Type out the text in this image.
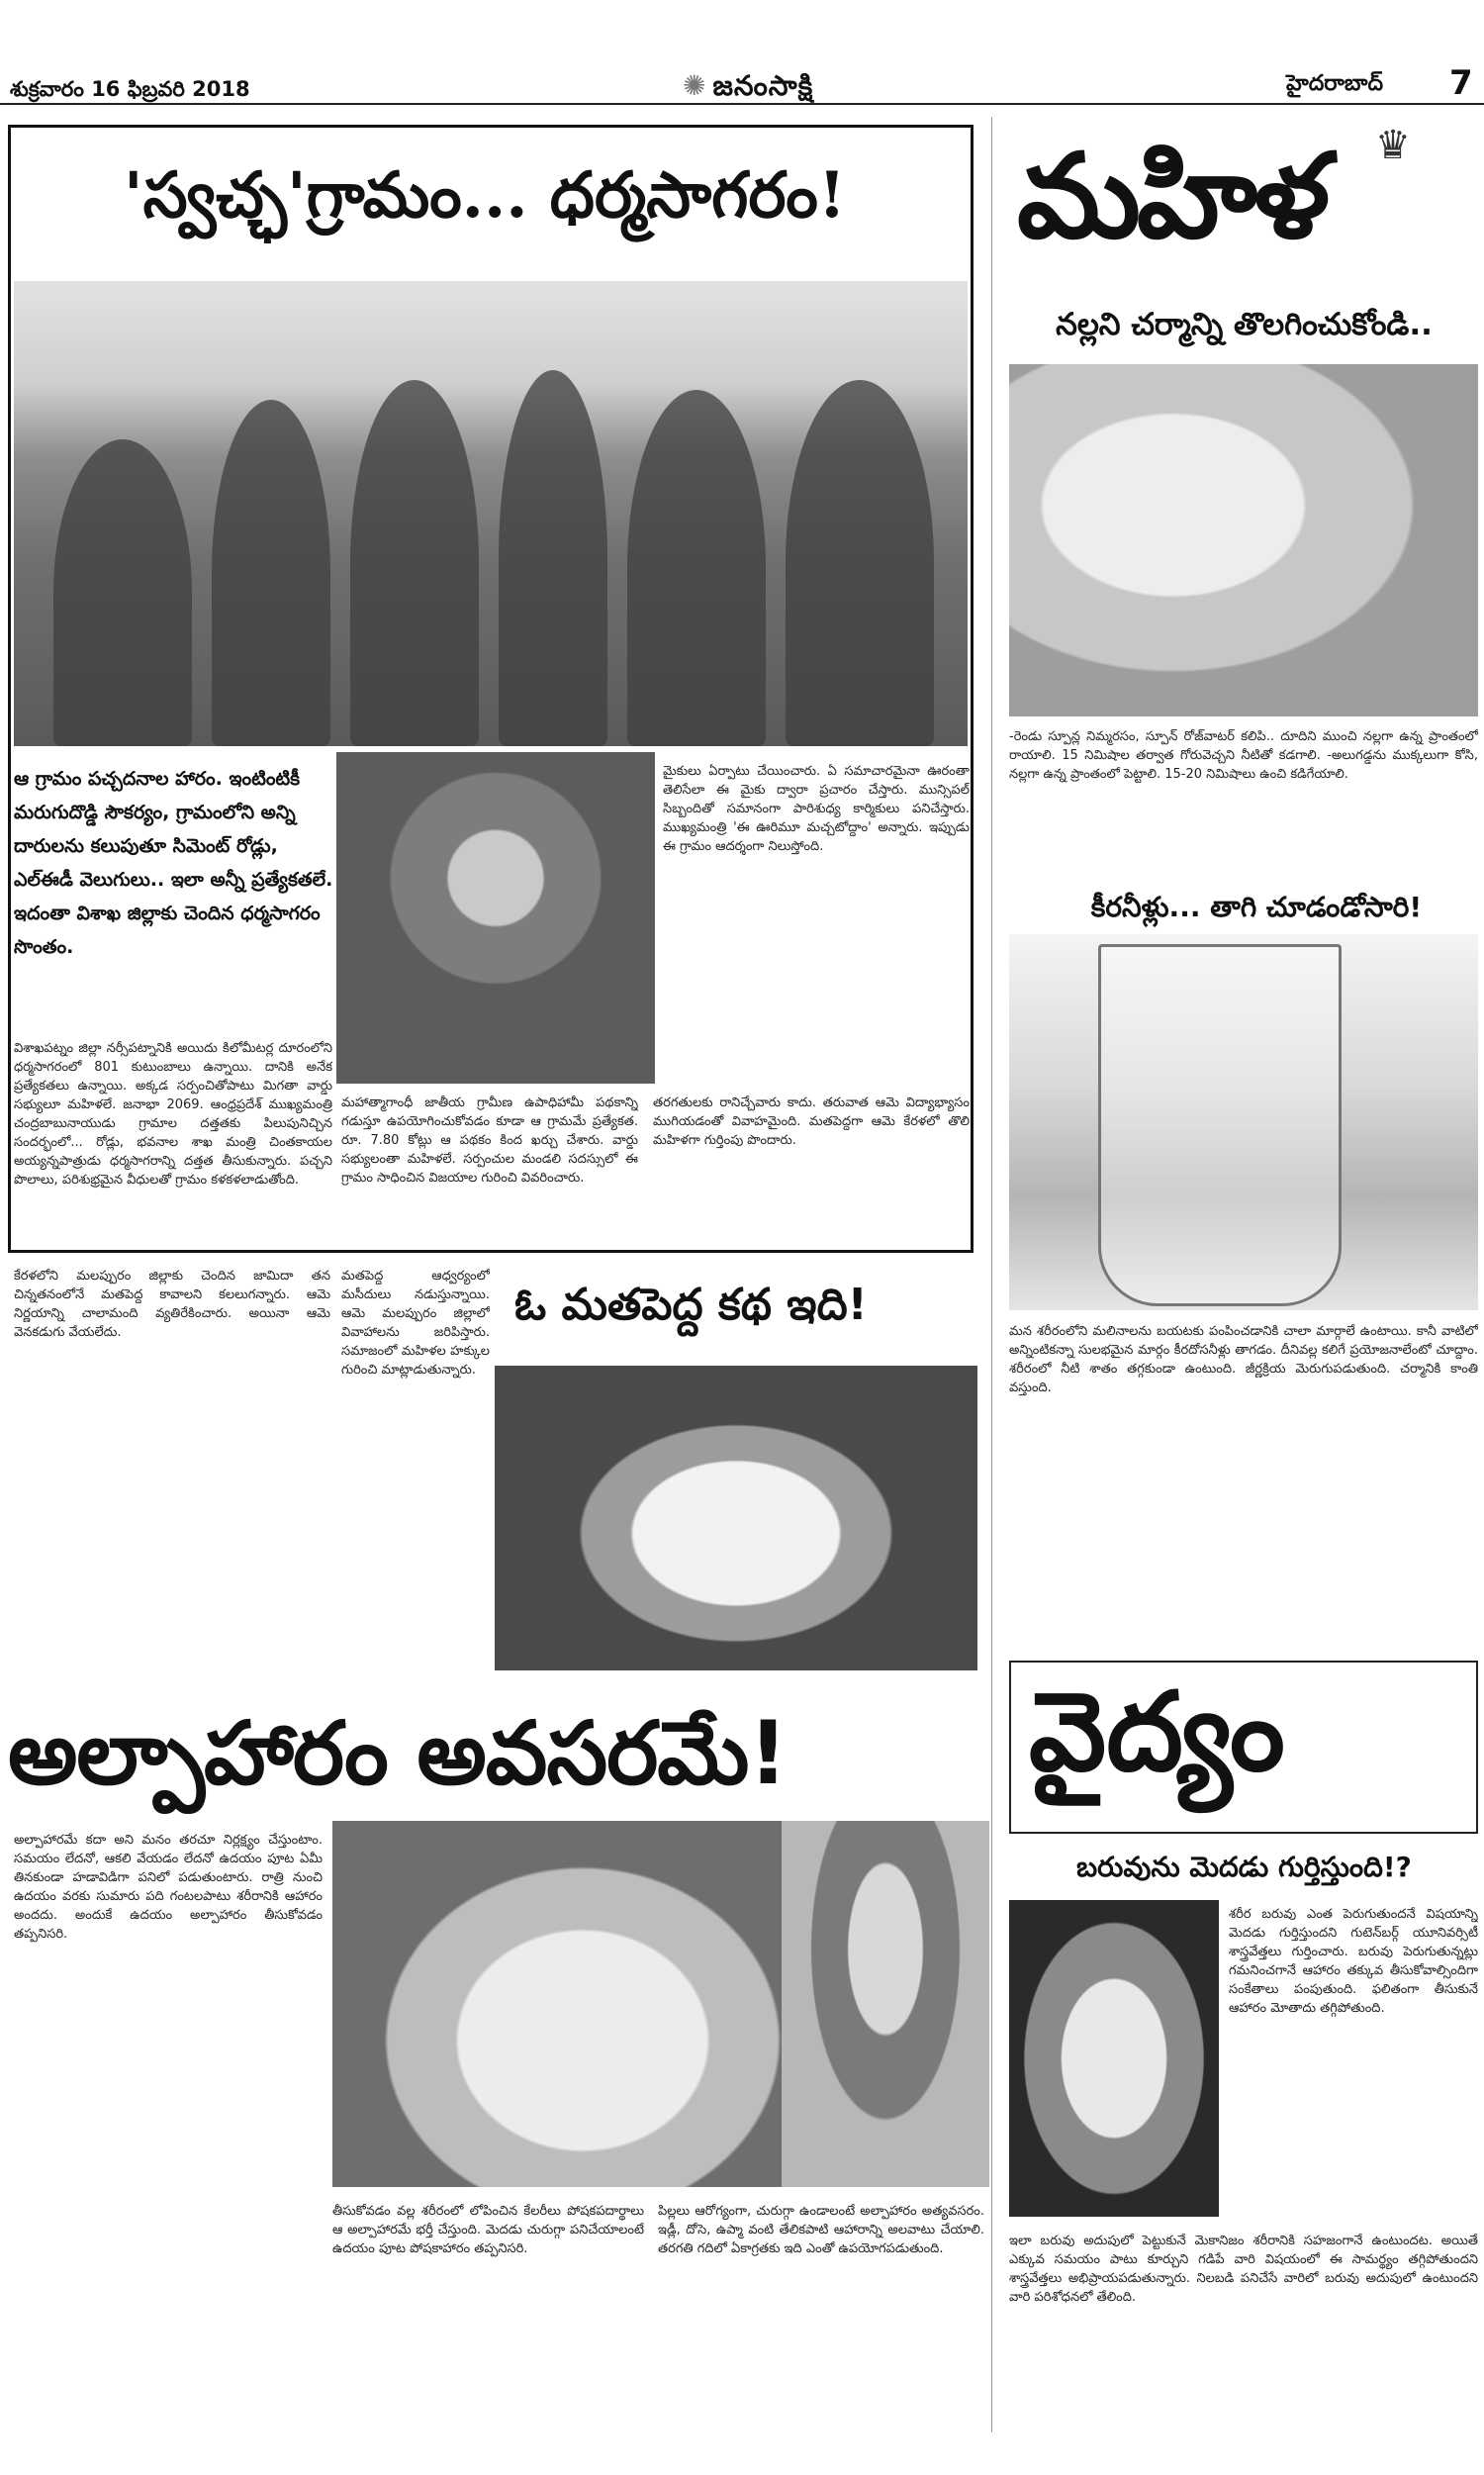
శుక్రవారం 16 ఫిబ్రవరి 2018	✺ జనంసాక్షి	హైదరాబాద్ 7
'స్వచ్ఛ'గ్రామం... ధర్మసాగరం!
ఆ గ్రామం పచ్చదనాల హారం. ఇంటింటికీ మరుగుదొడ్డి సౌకర్యం, గ్రామంలోని అన్ని దారులను కలుపుతూ సిమెంట్ రోడ్లు, ఎల్ఈడీ వెలుగులు.. ఇలా అన్నీ ప్రత్యేకతలే. ఇదంతా విశాఖ జిల్లాకు చెందిన ధర్మసాగరం సొంతం.
విశాఖపట్నం జిల్లా నర్సీపట్నానికి అయిదు కిలోమీటర్ల దూరంలోని ధర్మసాగరంలో 801 కుటుంబాలు ఉన్నాయి. దానికి అనేక ప్రత్యేకతలు ఉన్నాయి. అక్కడ సర్పంచితోపాటు మిగతా వార్డు సభ్యులూ మహిళలే. జనాభా 2069. ఆంధ్రప్రదేశ్ ముఖ్యమంత్రి చంద్రబాబునాయుడు గ్రామాల దత్తతకు పిలుపునిచ్చిన సందర్భంలో... రోడ్లు, భవనాల శాఖ మంత్రి చింతకాయల అయ్యన్నపాత్రుడు ధర్మసాగరాన్ని దత్తత తీసుకున్నారు. పచ్చని పొలాలు, పరిశుభ్రమైన వీధులతో గ్రామం కళకళలాడుతోంది.
మైకులు ఏర్పాటు చేయించారు. ఏ సమాచారమైనా ఊరంతా తెలిసేలా ఈ మైకు ద్వారా ప్రచారం చేస్తారు. మున్సిపల్ సిబ్బందితో సమానంగా పారిశుధ్య కార్మికులు పనిచేస్తారు. ముఖ్యమంత్రి 'ఈ ఊరిమూ మచ్చటోద్దాం' అన్నారు. ఇప్పుడు ఈ గ్రామం ఆదర్శంగా నిలుస్తోంది.
మహాత్మాగాంధీ జాతీయ గ్రామీణ ఉపాధిహామీ పథకాన్ని గడుస్తూ ఉపయోగించుకోవడం కూడా ఆ గ్రామమే ప్రత్యేకత. రూ. 7.80 కోట్లు ఆ పథకం కింద ఖర్చు చేశారు. వార్డు సభ్యులంతా మహిళలే. సర్పంచుల మండలి సదస్సులో ఈ గ్రామం సాధించిన విజయాల గురించి వివరించారు.
తరగతులకు రానిచ్చేవారు కాదు. తరువాత ఆమె విద్యాభ్యాసం ముగియడంతో వివాహమైంది. మతపెద్దగా ఆమె కేరళలో తొలి మహిళగా గుర్తింపు పొందారు.
మతపెద్ద ఆధ్వర్యంలో మసీదులు నడుస్తున్నాయి. ఆమె మలప్పురం జిల్లాలో వివాహాలను జరిపిస్తారు. సమాజంలో మహిళల హక్కుల గురించి మాట్లాడుతున్నారు.
ఓ మతపెద్ద కథ ఇది!
కేరళలోని మలప్పురం జిల్లాకు చెందిన జామిదా తన చిన్నతనంలోనే మతపెద్ద కావాలని కలలుగన్నారు. ఆమె నిర్ణయాన్ని చాలామంది వ్యతిరేకించారు. అయినా ఆమె వెనకడుగు వేయలేదు.
అల్పాహారం అవసరమే!
అల్పాహారమే కదా అని మనం తరచూ నిర్లక్ష్యం చేస్తుంటాం. సమయం లేదనో, ఆకలి వేయడం లేదనో ఉదయం పూట ఏమీ తినకుండా హడావిడిగా పనిలో పడుతుంటారు. రాత్రి నుంచి ఉదయం వరకు సుమారు పది గంటలపాటు శరీరానికి ఆహారం అందదు. అందుకే ఉదయం అల్పాహారం తీసుకోవడం తప్పనిసరి.
తీసుకోవడం వల్ల శరీరంలో లోపించిన కేలరీలు పోషకపదార్థాలు ఆ అల్పాహారమే భర్తీ చేస్తుంది. మెదడు చురుగ్గా పనిచేయాలంటే ఉదయం పూట పోషకాహారం తప్పనిసరి.
పిల్లలు ఆరోగ్యంగా, చురుగ్గా ఉండాలంటే అల్పాహారం అత్యవసరం. ఇడ్లీ, దోసె, ఉప్మా వంటి తేలికపాటి ఆహారాన్ని అలవాటు చేయాలి. తరగతి గదిలో ఏకాగ్రతకు ఇది ఎంతో ఉపయోగపడుతుంది.
మహిళ ♛
నల్లని చర్మాన్ని తొలగించుకోండి..
-రెండు స్పూన్ల నిమ్మరసం, స్పూన్ రోజ్‌వాటర్ కలిపి.. దూదిని ముంచి నల్లగా ఉన్న ప్రాంతంలో రాయాలి. 15 నిమిషాల తర్వాత గోరువెచ్చని నీటితో కడగాలి. -అలుగడ్డను ముక్కలుగా కోసి, నల్లగా ఉన్న ప్రాంతంలో పెట్టాలి. 15-20 నిమిషాలు ఉంచి కడిగేయాలి.
కీరనీళ్లు... తాగి చూడండోసారి!
మన శరీరంలోని మలినాలను బయటకు పంపించడానికి చాలా మార్గాలే ఉంటాయి. కానీ వాటిలో అన్నింటికన్నా సులభమైన మార్గం కీరదోసనీళ్లు తాగడం. దీనివల్ల కలిగే ప్రయోజనాలేంటో చూద్దాం. శరీరంలో నీటి శాతం తగ్గకుండా ఉంటుంది. జీర్ణక్రియ మెరుగుపడుతుంది. చర్మానికి కాంతి వస్తుంది.
వైద్యం
బరువును మెదడు గుర్తిస్తుంది!?
శరీర బరువు ఎంత పెరుగుతుందనే విషయాన్ని మెదడు గుర్తిస్తుందని గుటెన్‌బర్గ్ యూనివర్సిటీ శాస్త్రవేత్తలు గుర్తించారు. బరువు పెరుగుతున్నట్లు గమనించగానే ఆహారం తక్కువ తీసుకోవాల్సిందిగా సంకేతాలు పంపుతుంది. ఫలితంగా తీసుకునే ఆహారం మోతాదు తగ్గిపోతుంది.
ఇలా బరువు అదుపులో పెట్టుకునే మెకానిజం శరీరానికి సహజంగానే ఉంటుందట. అయితే ఎక్కువ సమయం పాటు కూర్చుని గడిపే వారి విషయంలో ఈ సామర్థ్యం తగ్గిపోతుందని శాస్త్రవేత్తలు అభిప్రాయపడుతున్నారు. నిలబడి పనిచేసే వారిలో బరువు అదుపులో ఉంటుందని వారి పరిశోధనలో తేలింది.
